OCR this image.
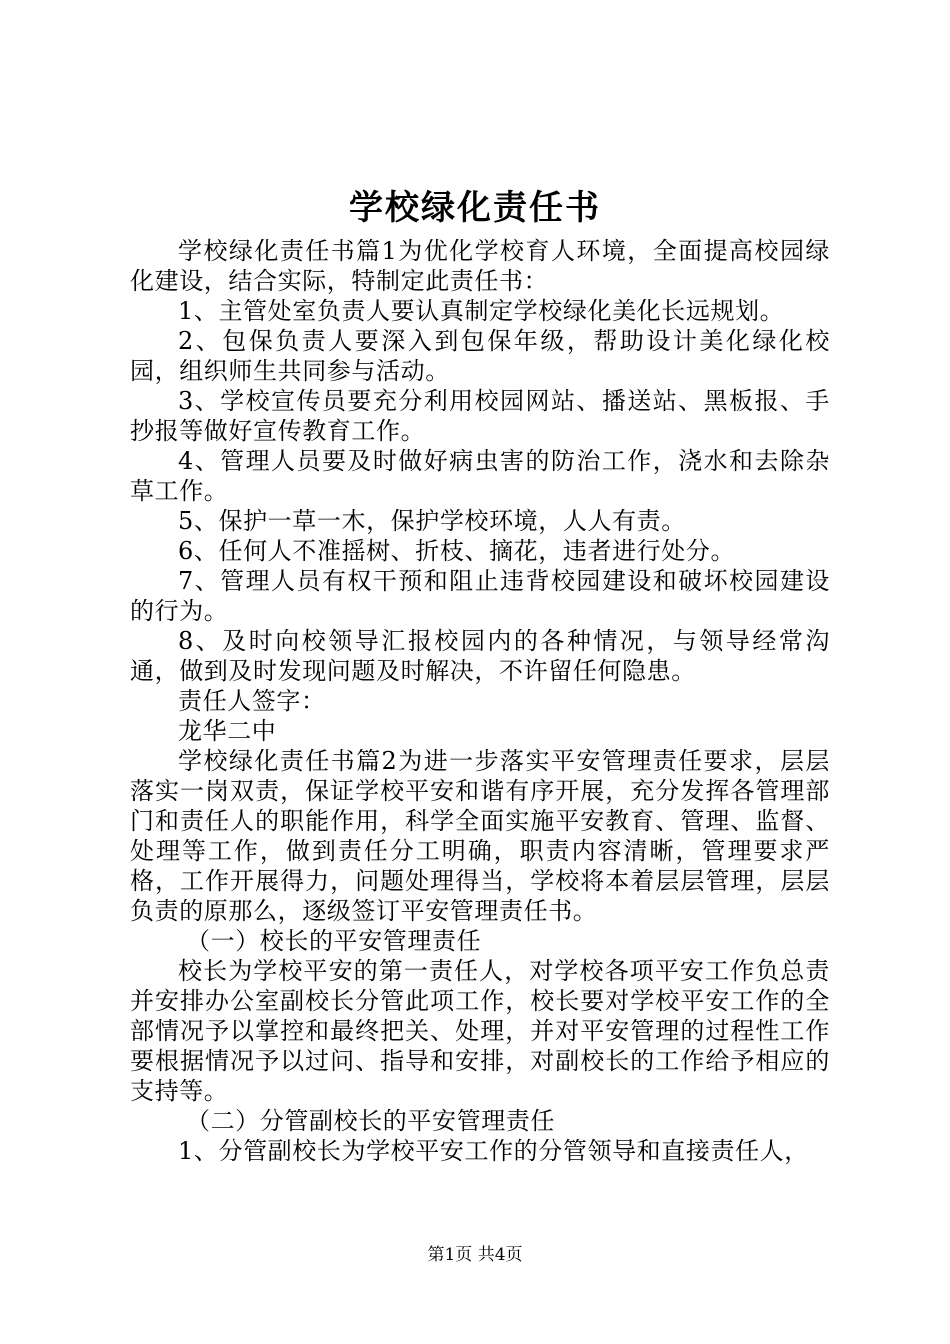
学校绿化责任书

学校绿化责任书篇1为优化学校育人环境，全面提高校园绿化建设，结合实际，特制定此责任书：

1、主管处室负责人要认真制定学校绿化美化长远规划。

2、包保负责人要深入到包保年级，帮助设计美化绿化校园，组织师生共同参与活动。

3、学校宣传员要充分利用校园网站、播送站、黑板报、手抄报等做好宣传教育工作。

4、管理人员要及时做好病虫害的防治工作，浇水和去除杂草工作。

5、保护一草一木，保护学校环境，人人有责。

6、任何人不准摇树、折枝、摘花，违者进行处分。

7、管理人员有权干预和阻止违背校园建设和破坏校园建设的行为。

8、及时向校领导汇报校园内的各种情况，与领导经常沟通，做到及时发现问题及时解决，不许留任何隐患。

责任人签字：

龙华二中

学校绿化责任书篇2为进一步落实平安管理责任要求，层层落实一岗双责，保证学校平安和谐有序开展，充分发挥各管理部门和责任人的职能作用，科学全面实施平安教育、管理、监督、处理等工作，做到责任分工明确，职责内容清晰，管理要求严格，工作开展得力，问题处理得当，学校将本着层层管理，层层负责的原那么，逐级签订平安管理责任书。

（一）校长的平安管理责任

校长为学校平安的第一责任人，对学校各项平安工作负总责并安排办公室副校长分管此项工作，校长要对学校平安工作的全部情况予以掌控和最终把关、处理，并对平安管理的过程性工作要根据情况予以过问、指导和安排，对副校长的工作给予相应的支持等。

（二）分管副校长的平安管理责任

1、分管副校长为学校平安工作的分管领导和直接责任人，

第1页 共4页
